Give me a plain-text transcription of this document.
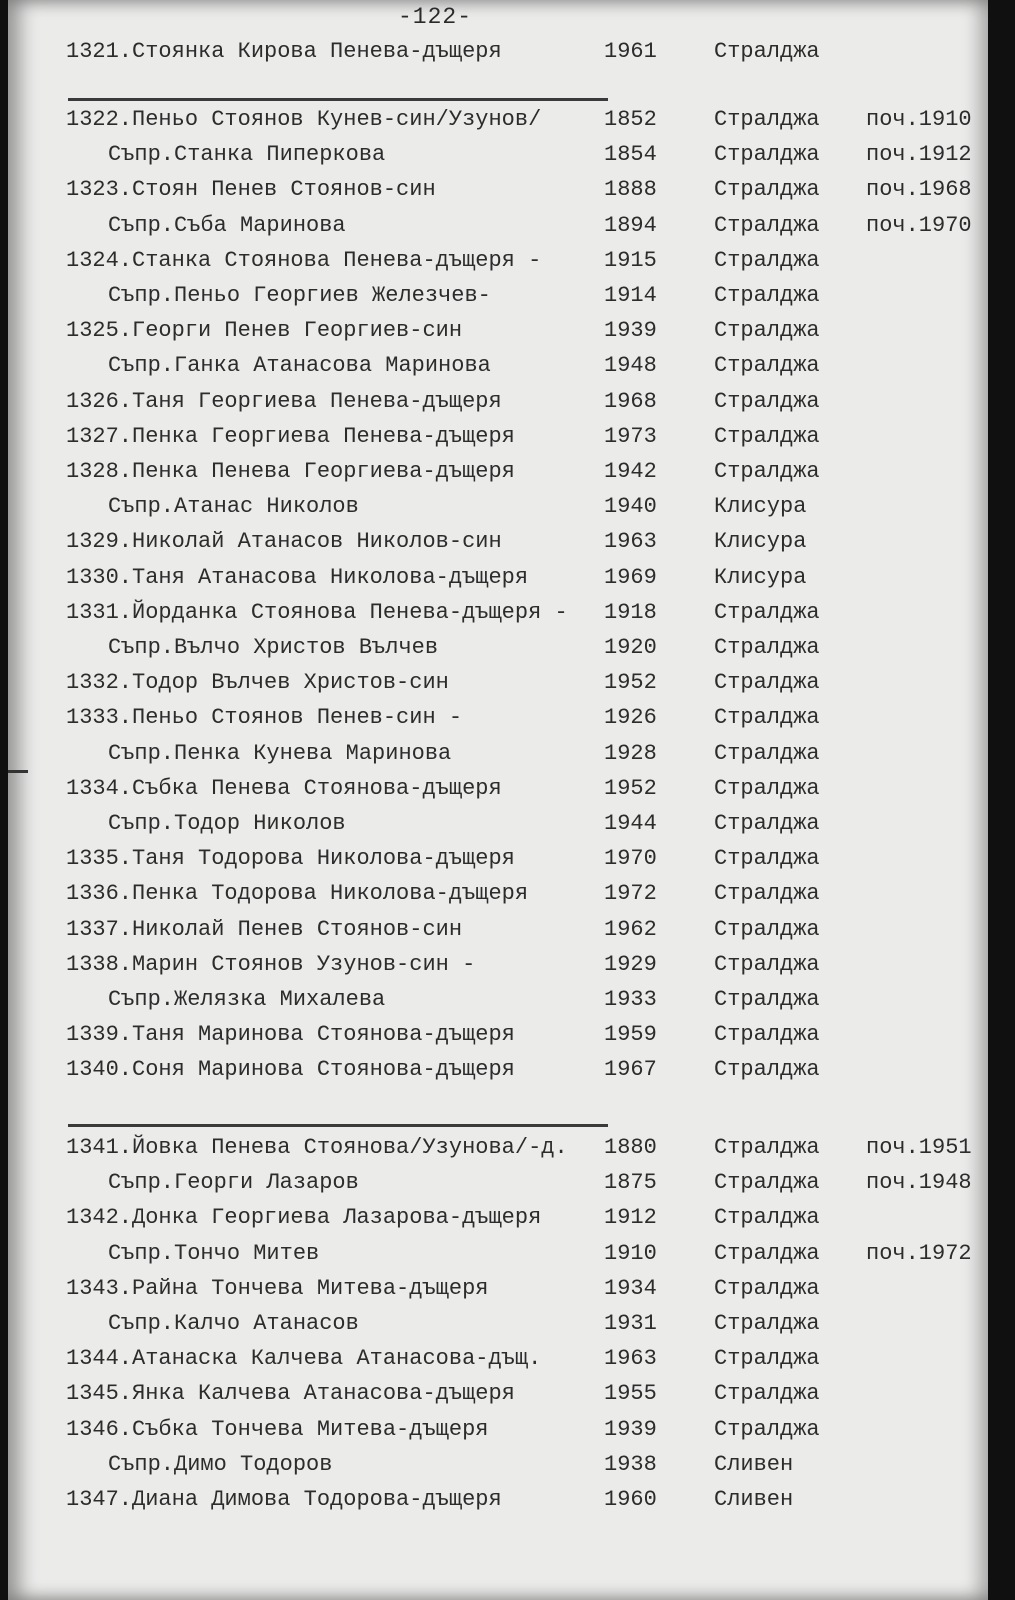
-122-
1321.Стоянка Кирова Пенева-дъщеря	1961	Стралджа
1322.Пеньо Стоянов Кунев-син/Узунов/	1852	Стралджа поч.1910
Съпр.Станка Пиперкова	1854	Стралджа поч.1912
1323.Стоян Пенев Стоянов-син	1888	Стралджа поч.1968
Съпр.Съба Маринова	1894	Стралджа поч.1970
1324.Станка Стоянова Пенева-дъщеря -	1915	Стралджа
Съпр.Пеньо Георгиев Железчев-	1914	Стралджа
1325.Георги Пенев Георгиев-син	1939	Стралджа
Съпр.Ганка Атанасова Маринова	1948	Стралджа
1326.Таня Георгиева Пенева-дъщеря	1968	Стралджа
1327.Пенка Георгиева Пенева-дъщеря	1973	Стралджа
1328.Пенка Пенева Георгиева-дъщеря	1942	Стралджа
Съпр.Атанас Николов	1940	Клисура
1329.Николай Атанасов Николов-син	1963	Клисура
1330.Таня Атанасова Николова-дъщеря	1969	Клисура
1331.Йорданка Стоянова Пенева-дъщеря - 1918	Стралджа
Съпр.Вълчо Христов Вълчев	1920	Стралджа
1332.Тодор Вълчев Христов-син	1952	Стралджа
1333.Пеньо Стоянов Пенев-син -	1926	Стралджа
Съпр.Пенка Кунева Маринова	1928	Стралджа
1334.Събка Пенева Стоянова-дъщеря	1952	Стралджа
Съпр.Тодор Николов	1944	Стралджа
1335.Таня Тодорова Николова-дъщеря	1970	Стралджа
1336.Пенка Тодорова Николова-дъщеря	1972	Стралджа
1337.Николай Пенев Стоянов-син	1962	Стралджа
1338.Марин Стоянов Узунов-син -	1929	Стралджа
Съпр.Желязка Михалева	1933	Стралджа
1339.Таня Маринова Стоянова-дъщеря	1959	Стралджа
1340.Соня Маринова Стоянова-дъщеря	1967	Стралджа
1341.Йовка Пенева Стоянова/Узунова/-д. 1880	Стралджа поч.1951
Съпр.Георги Лазаров	1875	Стралджа поч.1948
1342.Донка Георгиева Лазарова-дъщеря	1912	Стралджа
Съпр.Тончо Митев	1910	Стралджа поч.1972
1343.Райна Тончева Митева-дъщеря	1934	Стралджа
Съпр.Калчо Атанасов	1931	Стралджа
1344.Атанаска Калчева Атанасова-дъщ.	1963	Стралджа
1345.Янка Калчева Атанасова-дъщеря	1955	Стралджа
1346.Събка Тончева Митева-дъщеря	1939	Стралджа
Съпр.Димо Тодоров	1938	Сливен
1347.Диана Димова Тодорова-дъщеря	1960	Сливен
